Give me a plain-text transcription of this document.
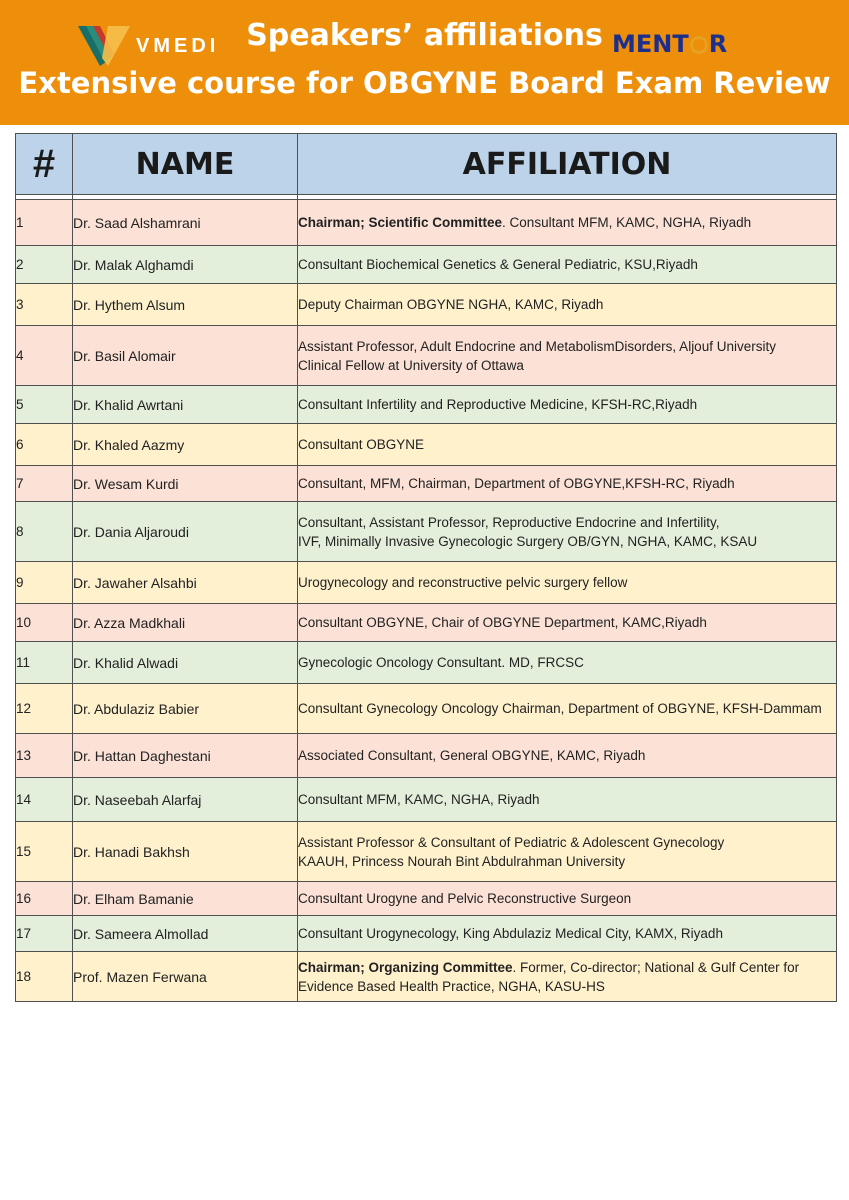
VMEDI Speakers’ affiliations MENT R
Extensive course for OBGYNE Board Exam Review
#	NAME	AFFILIATION

1	Dr. Saad Alshamrani	Chairman; Scientific Committee. Consultant MFM, KAMC, NGHA, Riyadh
2	Dr. Malak Alghamdi	Consultant Biochemical Genetics & General Pediatric, KSU,Riyadh
3	Dr. Hythem Alsum	Deputy Chairman OBGYNE NGHA, KAMC, Riyadh
4	Dr. Basil Alomair	Assistant Professor, Adult Endocrine and MetabolismDisorders, Aljouf University
Clinical Fellow at University of Ottawa
5	Dr. Khalid Awrtani	Consultant Infertility and Reproductive Medicine, KFSH-RC,Riyadh
6	Dr. Khaled Aazmy	Consultant OBGYNE
7	Dr. Wesam Kurdi	Consultant, MFM, Chairman, Department of OBGYNE,KFSH-RC, Riyadh
8	Dr. Dania Aljaroudi	Consultant, Assistant Professor, Reproductive Endocrine and Infertility,
IVF, Minimally Invasive Gynecologic Surgery OB/GYN, NGHA, KAMC, KSAU
9	Dr. Jawaher Alsahbi	Urogynecology and reconstructive pelvic surgery fellow
10	Dr. Azza Madkhali	Consultant OBGYNE, Chair of OBGYNE Department, KAMC,Riyadh
11	Dr. Khalid Alwadi	Gynecologic Oncology Consultant. MD, FRCSC
12	Dr. Abdulaziz Babier	Consultant Gynecology Oncology Chairman, Department of OBGYNE, KFSH-Dammam
13	Dr. Hattan Daghestani	Associated Consultant, General OBGYNE, KAMC, Riyadh
14	Dr. Naseebah Alarfaj	Consultant MFM, KAMC, NGHA, Riyadh
15	Dr. Hanadi Bakhsh	Assistant Professor & Consultant of Pediatric & Adolescent Gynecology
KAAUH, Princess Nourah Bint Abdulrahman University
16	Dr. Elham Bamanie	Consultant Urogyne and Pelvic Reconstructive Surgeon
17	Dr. Sameera Almollad	Consultant Urogynecology, King Abdulaziz Medical City, KAMX, Riyadh
18	Prof. Mazen Ferwana	Chairman; Organizing Committee. Former, Co-director; National & Gulf Center for Evidence Based Health Practice, NGHA, KASU-HS
